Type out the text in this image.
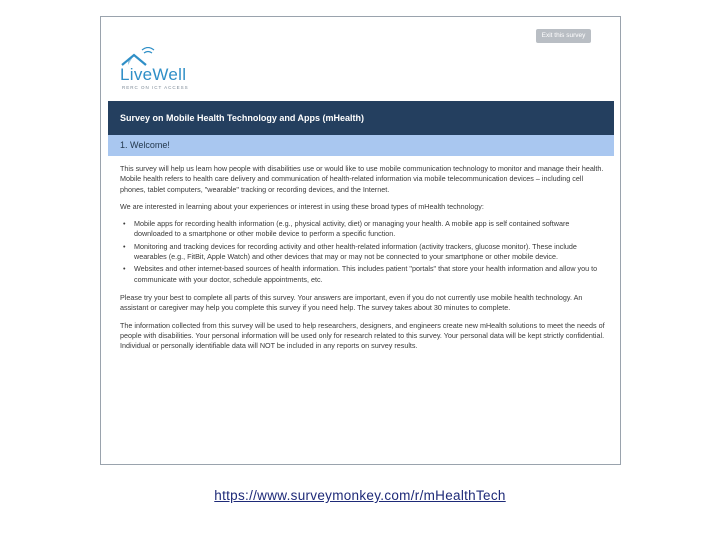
Exit this survey
LiveWell
RERC ON ICT ACCESS
Survey on Mobile Health Technology and Apps (mHealth)
1. Welcome!

This survey will help us learn how people with disabilities use or would like to use mobile communication technology to monitor and manage their health. Mobile health refers to health care delivery and communication of health-related information via mobile telecommunication devices – including cell phones, tablet computers, "wearable" tracking or recording devices, and the Internet.

We are interested in learning about your experiences or interest in using these broad types of mHealth technology:

• Mobile apps for recording health information (e.g., physical activity, diet) or managing your health. A mobile app is self contained software downloaded to a smartphone or other mobile device to perform a specific function.
• Monitoring and tracking devices for recording activity and other health-related information (activity trackers, glucose monitor). These include wearables (e.g., FitBit, Apple Watch) and other devices that may or may not be connected to your smartphone or other mobile device.
• Websites and other internet-based sources of health information. This includes patient "portals" that store your health information and allow you to communicate with your doctor, schedule appointments, etc.

Please try your best to complete all parts of this survey. Your answers are important, even if you do not currently use mobile health technology. An assistant or caregiver may help you complete this survey if you need help. The survey takes about 30 minutes to complete.

The information collected from this survey will be used to help researchers, designers, and engineers create new mHealth solutions to meet the needs of people with disabilities. Your personal information will be used only for research related to this survey. Your personal data will be kept strictly confidential. Individual or personally identifiable data will NOT be included in any reports on survey results.

https://www.surveymonkey.com/r/mHealthTech
